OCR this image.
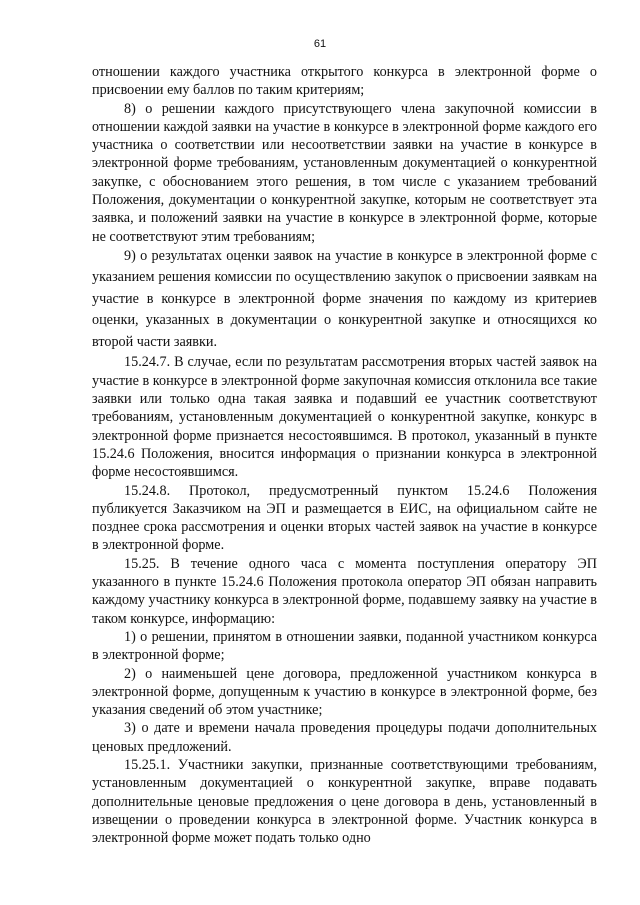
61

отношении каждого участника открытого конкурса в электронной форме о присвоении ему баллов по таким критериям;

8) о решении каждого присутствующего члена закупочной комиссии в отношении каждой заявки на участие в конкурсе в электронной форме каждого его участника о соответствии или несоответствии заявки на участие в конкурсе в электронной форме требованиям, установленным документацией о конкурентной закупке, с обоснованием этого решения, в том числе с указанием требований Положения, документации о конкурентной закупке, которым не соответствует эта заявка, и положений заявки на участие в конкурсе в электронной форме, которые не соответствуют этим требованиям;

9) о результатах оценки заявок на участие в конкурсе в электронной форме с указанием решения комиссии по осуществлению закупок о присвоении заявкам на участие в конкурсе в электронной форме значения по каждому из критериев оценки, указанных в документации о конкурентной закупке и относящихся ко второй части заявки.

15.24.7. В случае, если по результатам рассмотрения вторых частей заявок на участие в конкурсе в электронной форме закупочная комиссия отклонила все такие заявки или только одна такая заявка и подавший ее участник соответствуют требованиям, установленным документацией о конкурентной закупке, конкурс в электронной форме признается несостоявшимся. В протокол, указанный в пункте 15.24.6 Положения, вносится информация о признании конкурса в электронной форме несостоявшимся.

15.24.8. Протокол, предусмотренный пунктом 15.24.6 Положения публикуется Заказчиком на ЭП и размещается в ЕИС, на официальном сайте не позднее срока рассмотрения и оценки вторых частей заявок на участие в конкурсе в электронной форме.

15.25. В течение одного часа с момента поступления оператору ЭП указанного в пункте 15.24.6 Положения протокола оператор ЭП обязан направить каждому участнику конкурса в электронной форме, подавшему заявку на участие в таком конкурсе, информацию:

1) о решении, принятом в отношении заявки, поданной участником конкурса в электронной форме;

2) о наименьшей цене договора, предложенной участником конкурса в электронной форме, допущенным к участию в конкурсе в электронной форме, без указания сведений об этом участнике;

3) о дате и времени начала проведения процедуры подачи дополнительных ценовых предложений.

15.25.1. Участники закупки, признанные соответствующими требованиям, установленным документацией о конкурентной закупке, вправе подавать дополнительные ценовые предложения о цене договора в день, установленный в извещении о проведении конкурса в электронной форме. Участник конкурса в электронной форме может подать только одно
